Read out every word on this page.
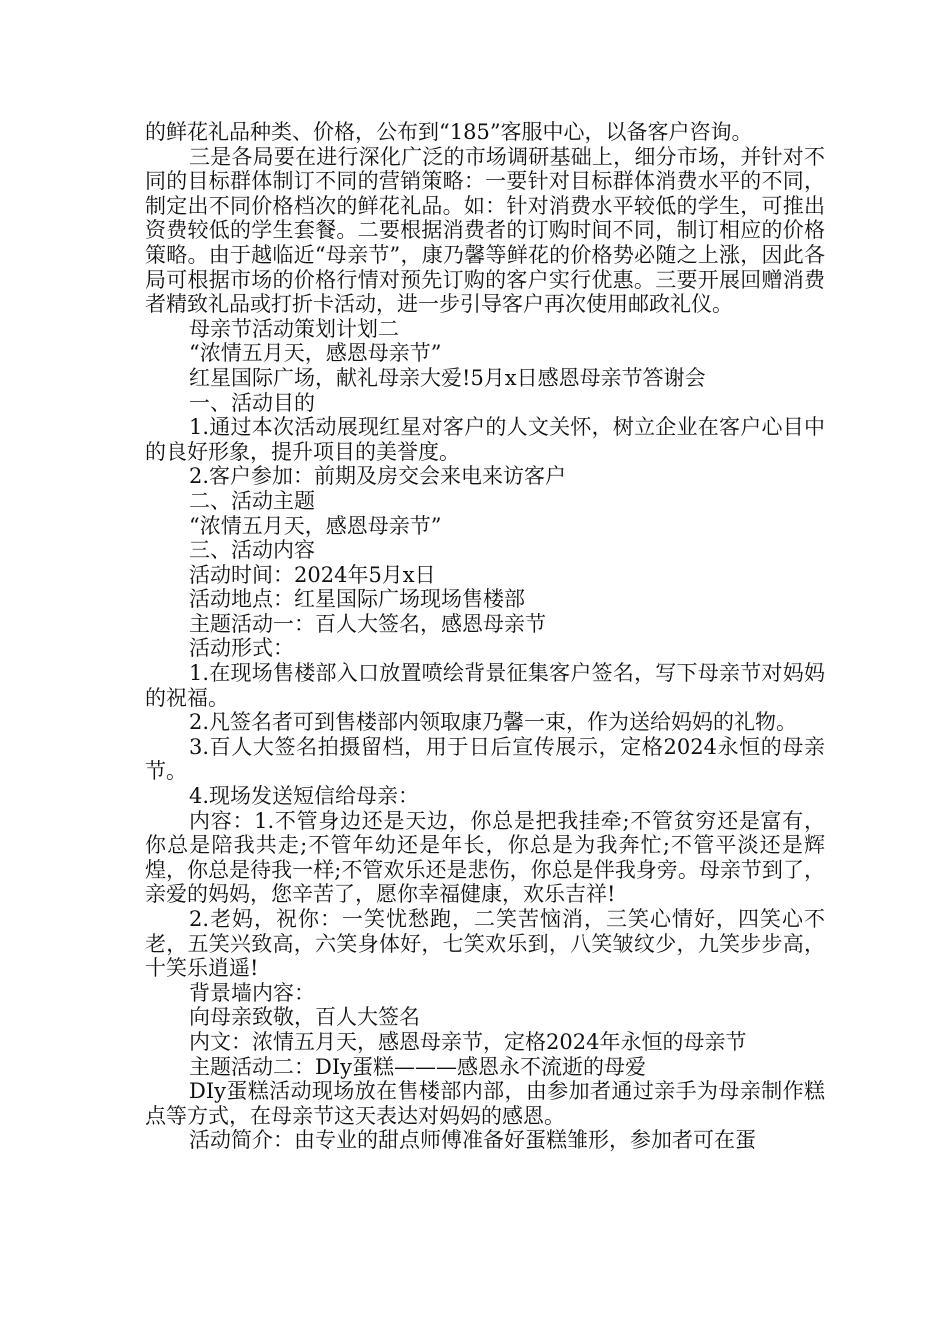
的鲜花礼品种类、价格，公布到“185”客服中心，以备客户咨询。

三是各局要在进行深化广泛的市场调研基础上，细分市场，并针对不同的目标群体制订不同的营销策略：一要针对目标群体消费水平的不同，制定出不同价格档次的鲜花礼品。如：针对消费水平较低的学生，可推出资费较低的学生套餐。二要根据消费者的订购时间不同，制订相应的价格策略。由于越临近“母亲节”，康乃馨等鲜花的价格势必随之上涨，因此各局可根据市场的价格行情对预先订购的客户实行优惠。三要开展回赠消费者精致礼品或打折卡活动，进一步引导客户再次使用邮政礼仪。

母亲节活动策划计划二

“浓情五月天，感恩母亲节”

红星国际广场，献礼母亲大爱!5月x日感恩母亲节答谢会

一、活动目的

1.通过本次活动展现红星对客户的人文关怀，树立企业在客户心目中的良好形象，提升项目的美誉度。

2.客户参加：前期及房交会来电来访客户

二、活动主题

“浓情五月天，感恩母亲节”

三、活动内容

活动时间：2024年5月x日

活动地点：红星国际广场现场售楼部

主题活动一：百人大签名，感恩母亲节

活动形式：

1.在现场售楼部入口放置喷绘背景征集客户签名，写下母亲节对妈妈的祝福。

2.凡签名者可到售楼部内领取康乃馨一束，作为送给妈妈的礼物。

3.百人大签名拍摄留档，用于日后宣传展示，定格2024永恒的母亲节。

4.现场发送短信给母亲：

内容：1.不管身边还是天边，你总是把我挂牵;不管贫穷还是富有，你总是陪我共走;不管年幼还是年长，你总是为我奔忙;不管平淡还是辉煌，你总是待我一样;不管欢乐还是悲伤，你总是伴我身旁。母亲节到了，亲爱的妈妈，您辛苦了，愿你幸福健康，欢乐吉祥!

2.老妈，祝你：一笑忧愁跑，二笑苦恼消，三笑心情好，四笑心不老，五笑兴致高，六笑身体好，七笑欢乐到，八笑皱纹少，九笑步步高，十笑乐逍遥!

背景墙内容：

向母亲致敬，百人大签名

内文：浓情五月天，感恩母亲节，定格2024年永恒的母亲节

主题活动二：DIy蛋糕———感恩永不流逝的母爱

DIy蛋糕活动现场放在售楼部内部，由参加者通过亲手为母亲制作糕点等方式，在母亲节这天表达对妈妈的感恩。

活动简介：由专业的甜点师傅准备好蛋糕雏形，参加者可在蛋
